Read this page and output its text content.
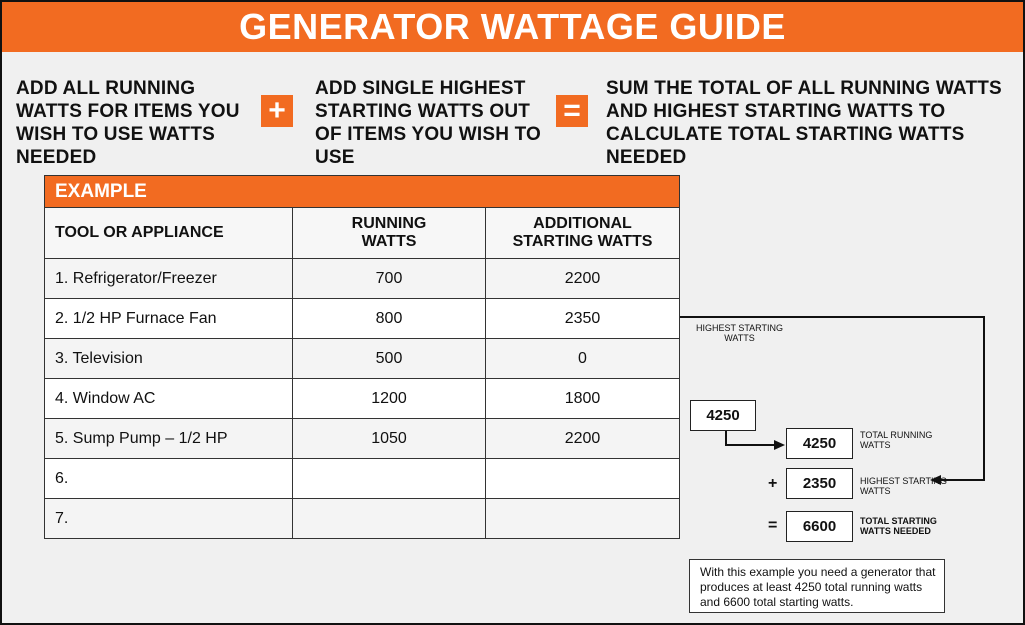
GENERATOR WATTAGE GUIDE
ADD ALL RUNNING WATTS FOR ITEMS YOU WISH TO USE WATTS NEEDED
+
ADD SINGLE HIGHEST STARTING WATTS OUT OF ITEMS YOU WISH TO USE
=
SUM THE TOTAL OF ALL RUNNING WATTS AND HIGHEST STARTING WATTS TO CALCULATE TOTAL STARTING WATTS NEEDED
EXAMPLE		
TOOL OR APPLIANCE	RUNNING WATTS	ADDITIONAL STARTING WATTS

1. Refrigerator/Freezer	700	2200
2. 1/2 HP Furnace Fan	800	2350
3. Television	500	0
4. Window AC	1200	1800
5. Sump Pump – 1/2 HP	1050	2200
6.		
7.		
HIGHEST STARTING WATTS
4250
4250	TOTAL RUNNING WATTS
+	2350	HIGHEST STARTING WATTS
=	6600	TOTAL STARTING WATTS NEEDED
With this example you need a generator that produces at least 4250 total running watts and 6600 total starting watts.
